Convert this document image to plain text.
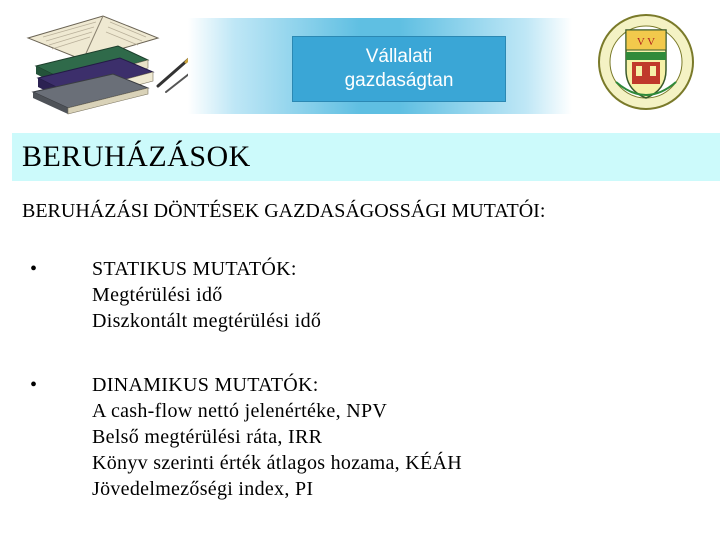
Vállalati
gazdaságtan
V V
BERUHÁZÁSOK
BERUHÁZÁSI DÖNTÉSEK GAZDASÁGOSSÁGI MUTATÓI:
•	STATIKUS MUTATÓK:
Megtérülési idő
Diszkontált megtérülési idő
•	DINAMIKUS MUTATÓK:
A cash-flow nettó jelenértéke, NPV
Belső megtérülési ráta, IRR
Könyv szerinti érték átlagos hozama, KÉÁH
Jövedelmezőségi index, PI
